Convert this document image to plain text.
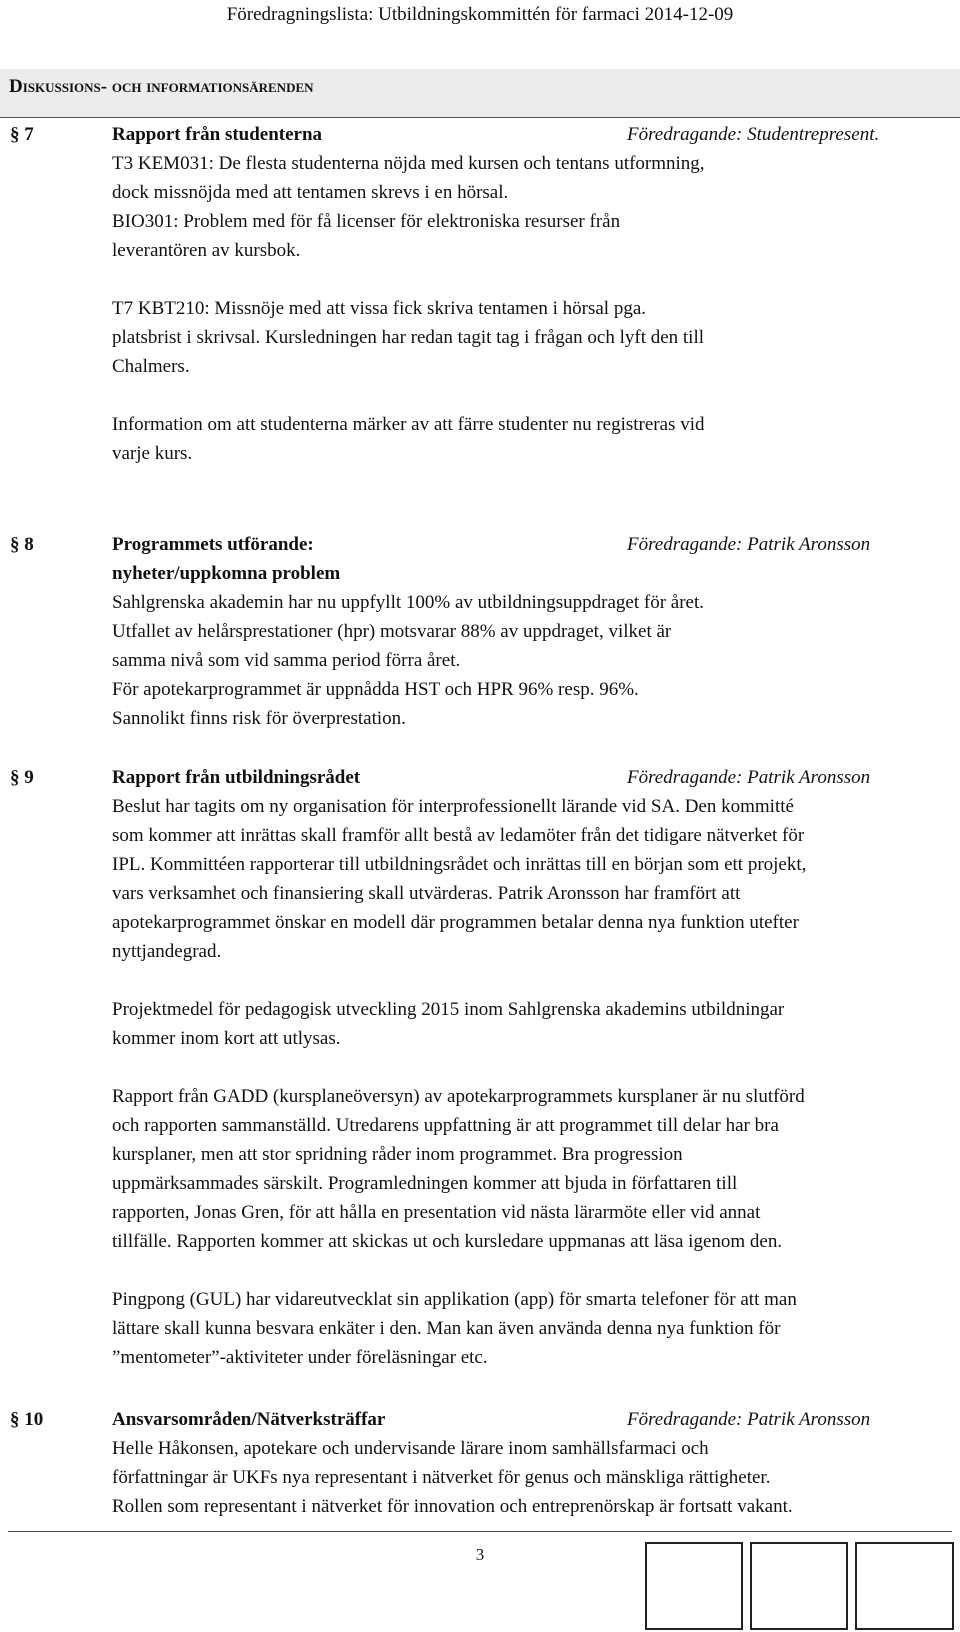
Föredragningslista: Utbildningskommittén för farmaci 2014-12-09
Diskussions- och informationsärenden
§ 7	Rapport från studenterna	Föredragande: Studentrepresent.

T3 KEM031: De flesta studenterna nöjda med kursen och tentans utformning,

dock missnöjda med att tentamen skrevs i en hörsal.

BIO301: Problem med för få licenser för elektroniska resurser från

leverantören av kursbok.

T7 KBT210: Missnöje med att vissa fick skriva tentamen i hörsal pga.

platsbrist i skrivsal. Kursledningen har redan tagit tag i frågan och lyft den till

Chalmers.

Information om att studenterna märker av att färre studenter nu registreras vid

varje kurs.

§ 8	Programmets utförande:	Föredragande: Patrik Aronsson

nyheter/uppkomna problem

Sahlgrenska akademin har nu uppfyllt 100% av utbildningsuppdraget för året.

Utfallet av helårsprestationer (hpr) motsvarar 88% av uppdraget, vilket är

samma nivå som vid samma period förra året.

För apotekarprogrammet är uppnådda HST och HPR 96% resp. 96%.

Sannolikt finns risk för överprestation.

§ 9	Rapport från utbildningsrådet	Föredragande: Patrik Aronsson

Beslut har tagits om ny organisation för interprofessionellt lärande vid SA. Den kommitté

som kommer att inrättas skall framför allt bestå av ledamöter från det tidigare nätverket för

IPL. Kommittéen rapporterar till utbildningsrådet och inrättas till en början som ett projekt,

vars verksamhet och finansiering skall utvärderas. Patrik Aronsson har framfört att

apotekarprogrammet önskar en modell där programmen betalar denna nya funktion utefter

nyttjandegrad.

Projektmedel för pedagogisk utveckling 2015 inom Sahlgrenska akademins utbildningar

kommer inom kort att utlysas.

Rapport från GADD (kursplaneöversyn) av apotekarprogrammets kursplaner är nu slutförd

och rapporten sammanställd. Utredarens uppfattning är att programmet till delar har bra

kursplaner, men att stor spridning råder inom programmet. Bra progression

uppmärksammades särskilt. Programledningen kommer att bjuda in författaren till

rapporten, Jonas Gren, för att hålla en presentation vid nästa lärarmöte eller vid annat

tillfälle. Rapporten kommer att skickas ut och kursledare uppmanas att läsa igenom den.

Pingpong (GUL) har vidareutvecklat sin applikation (app) för smarta telefoner för att man

lättare skall kunna besvara enkäter i den. Man kan även använda denna nya funktion för

”mentometer”-aktiviteter under föreläsningar etc.

§ 10	Ansvarsområden/Nätverksträffar	Föredragande: Patrik Aronsson

Helle Håkonsen, apotekare och undervisande lärare inom samhällsfarmaci och

författningar är UKFs nya representant i nätverket för genus och mänskliga rättigheter.

Rollen som representant i nätverket för innovation och entreprenörskap är fortsatt vakant.

3
